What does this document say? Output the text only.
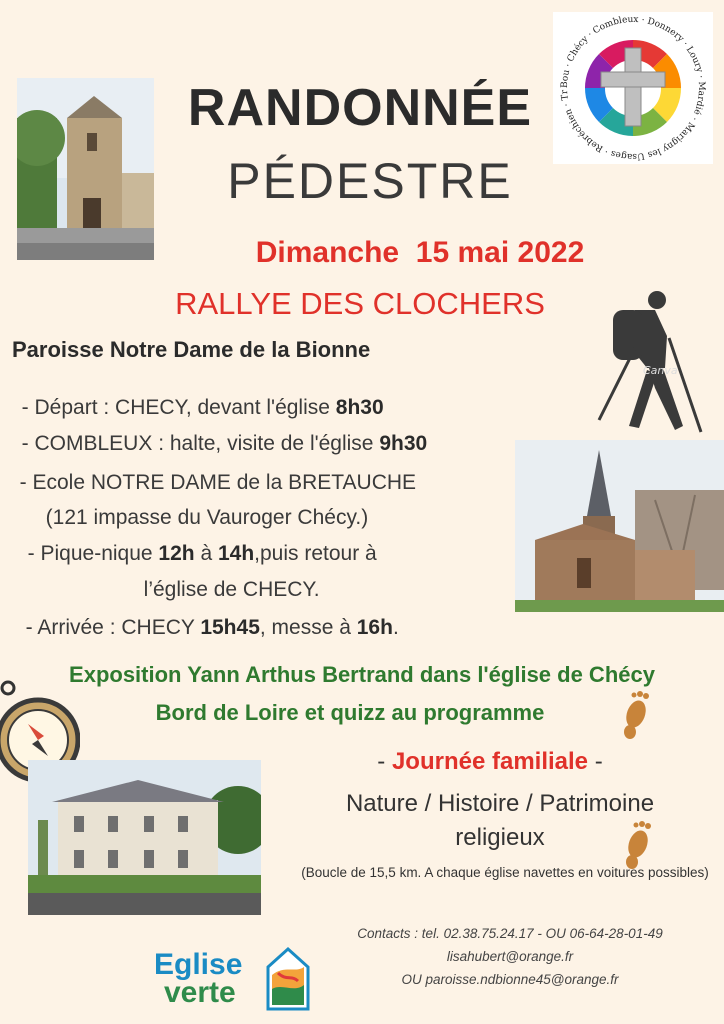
RANDONNÉE
PÉDESTRE
Bou · Chécy · Combleux · Donnery · Loury · Mardié · Marigny les Usages · Rebréchien · Tr
Dimanche  15 mai 2022
RALLYE DES CLOCHERS
Canva
Paroisse Notre Dame de la Bionne

- Départ : CHECY, devant l'église 8h30

- COMBLEUX : halte, visite de l'église 9h30

- Ecole NOTRE DAME de la BRETAUCHE

(121 impasse du Vauroger Chécy.)

- Pique-nique 12h à 14h,puis retour à

l’église de CHECY.

- Arrivée : CHECY 15h45, messe à 16h.

Exposition Yann Arthus Bertrand dans l'église de Chécy
Bord de Loire et quizz au programme
- Journée familiale -
Nature / Histoire / Patrimoine
religieux
(Boucle de 15,5 km. A chaque église navettes en voitures possibles)
Contacts : tel. 02.38.75.24.17 - OU 06-64-28-01-49
lisahubert@orange.fr
OU paroisse.ndbionne45@orange.fr
Eglise
verte
